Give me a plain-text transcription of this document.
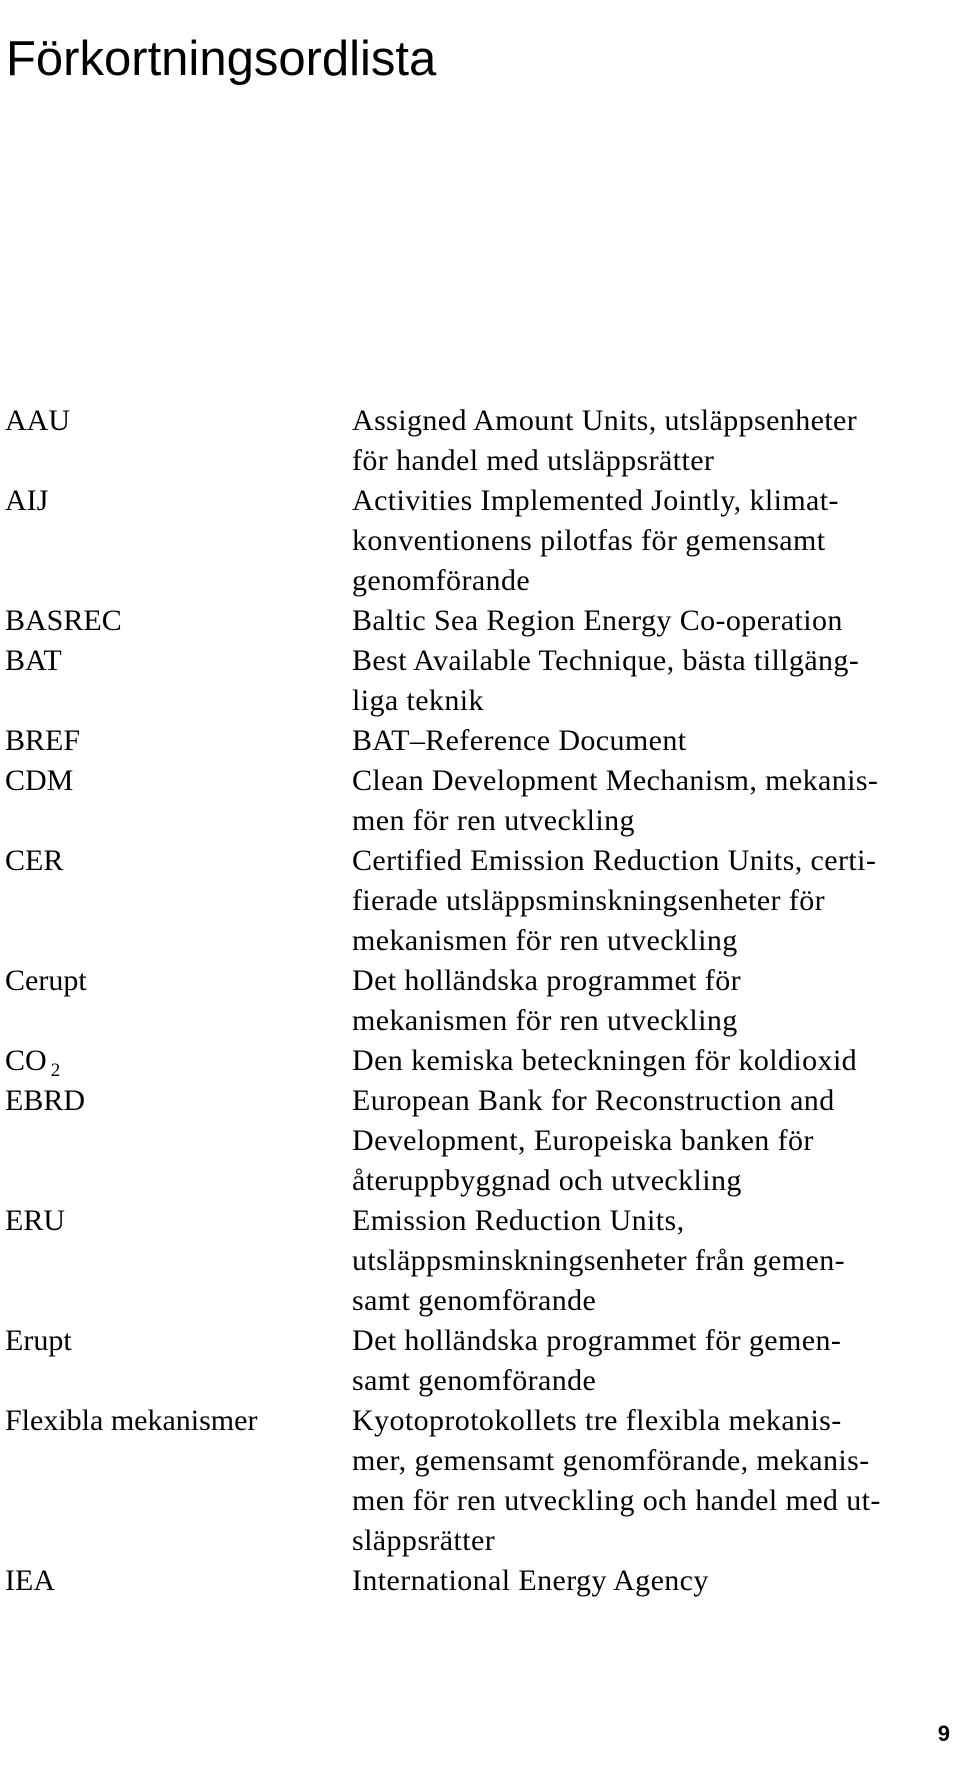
Förkortningsordlista
AAU	Assigned Amount Units, utsläppsenheter
för handel med utsläppsrätter
AIJ	Activities Implemented Jointly, klimat-
konventionens pilotfas för gemensamt
genomförande
BASREC	Baltic Sea Region Energy Co-operation
BAT	Best Available Technique, bästa tillgäng-
liga teknik
BREF	BAT–Reference Document
CDM	Clean Development Mechanism, mekanis-
men för ren utveckling
CER	Certified Emission Reduction Units, certi-
fierade utsläppsminskningsenheter för
mekanismen för ren utveckling
Cerupt	Det holländska programmet för
mekanismen för ren utveckling
CO $_2$	Den kemiska beteckningen för koldioxid
EBRD	European Bank for Reconstruction and
Development, Europeiska banken för
återuppbyggnad och utveckling
ERU	Emission Reduction Units,
utsläppsminskningsenheter från gemen-
samt genomförande
Erupt	Det holländska programmet för gemen-
samt genomförande
Flexibla mekanismer	Kyotoprotokollets tre flexibla mekanis-
mer, gemensamt genomförande, mekanis-
men för ren utveckling och handel med ut-
släppsrätter
IEA	International Energy Agency
9
